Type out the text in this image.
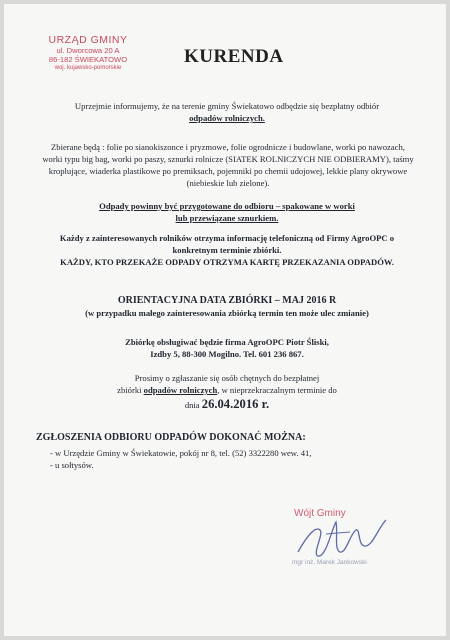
URZĄD GMINY
ul. Dworcowa 20 A
86-182 ŚWIEKATOWO
woj. kujawsko-pomorskie
KURENDA
Uprzejmie informujemy, że na terenie gminy Świekatowo odbędzie się bezpłatny odbiór
odpadów rolniczych.
Zbierane będą : folie po sianokiszonce i pryzmowe, folie ogrodnicze i budowlane, worki po nawozach, worki typu big bag, worki po paszy, sznurki rolnicze (SIATEK ROLNICZYCH NIE ODBIERAMY), taśmy kroplujące, wiaderka plastikowe po premiksach, pojemniki po chemii udojowej, lekkie plany okrywowe (niebieskie lub zielone).
Odpady powinny być przygotowane do odbioru – spakowane w worki
lub przewiązane sznurkiem.
Każdy z zainteresowanych rolników otrzyma informację telefoniczną od Firmy AgroOPC o
konkretnym terminie zbiórki.
KAŻDY, KTO PRZEKAŻE ODPADY OTRZYMA KARTĘ PRZEKAZANIA ODPADÓW.
ORIENTACYJNA DATA ZBIÓRKI – MAJ 2016 R
(w przypadku małego zainteresowania zbiórką termin ten może ulec zmianie)
Zbiórkę obsługiwać będzie firma AgroOPC Piotr Śliski,
Izdby 5, 88-300 Mogilno. Tel. 601 236 867.
Prosimy o zgłaszanie się osób chętnych do bezpłatnej
zbiórki odpadów rolniczych, w nieprzekraczalnym terminie do
dnia 26.04.2016 r.
ZGŁOSZENIA ODBIORU ODPADÓW DOKONAĆ MOŻNA:
- w Urzędzie Gminy w Świekatowie, pokój nr 8, tel. (52) 3322280 wew. 41,
- u sołtysów.
Wójt Gminy
mgr inż. Marek Jankowski
